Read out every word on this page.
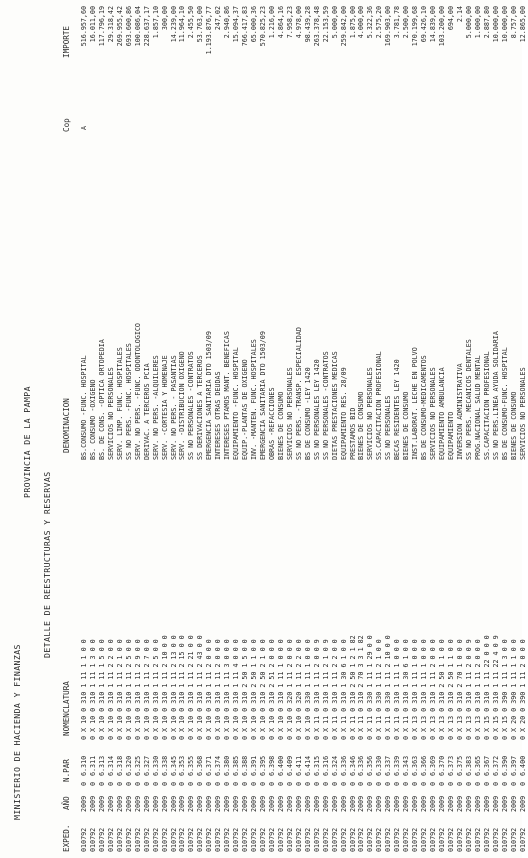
MINISTERIO DE HACIENDA Y FINANZAS
PROVINCIA DE LA PAMPA
DETALLE DE REESTRUCTURAS Y RESERVAS
EXPED.
AÑO
N.PAR
NOMENCLATURA
DENOMINACION
Cop
IMPORTE
010792
2009
0
6.310
0 X 10 0 310 1 11 1 1 0 0
BS.CONSUMO -FUNC. HOSPITAL
A
516.957,60
010792
2009
0
6.311
0 X 10 0 310 1 11 1 3 0 0
BS. CONSUMO -OXIGENO
16.011,00
010792
2009
0
6.313
0 X 10 0 310 1 11 1 5 0 0
BS. DE CONS. -OPTICA ORTOPEDIA
117.796,19
010792
2009
0
6.314
0 X 10 0 310 1 11 2 2 0 0
SERVICIOS NO PERSONALES
29.318,42
010792
2009
0
6.318
0 X 10 0 310 1 11 2 1 0 0
SERV. LIMP. FUNC. HOSPITALES
269.955,42
010792
2009
0
6.320
0 X 10 0 310 1 11 2 5 0 0
SS NO PERS. -FUNC. HOSPITALES
693.600,86
010792
2009
0
6.325
0 X 10 0 310 1 11 2 9 0 0
SERV. NO PERS. -FUNC. ODONTOLOGICO
100.086,04
010792
2009
0
6.327
0 X 10 0 310 1 11 2 7 0 0
DERIVAC. A TERCEROS PCIA
228.637,17
010792
2009
0
6.330
0 X 10 0 310 1 11 2 5 0 0
SERV. NO PERS. -ALQUILERES
1.857,10
010792
2009
0
6.338
0 X 10 0 310 1 11 2 10 0 0
SERV. -CORTESIA Y HOMENAJE
300,00
010792
2009
0
6.345
0 X 10 0 310 1 11 2 13 0 0
SERV. NO PERS. - PASANTIAS
14.239,00
010792
2009
0
6.353
0 X 10 0 310 1 11 2 15 0 0
SERV. -DISTRIBUCION OXIGENO
11.964,10
010792
2009
0
6.355
0 X 10 0 310 1 11 2 21 0 0
SS NO PERSONALES -CONTRATOS
2.455,50
010792
2009
0
6.368
0 X 10 0 310 1 11 2 43 0 0
SS DERIVACIONES A TERCEROS
53.763,00
010792
2009
0
6.371
0 X 10 0 310 1 11 2 0 0 0
EMERGENCIA SANITARIA DTO 1503/09
1.193.876,77
010792
2009
0
6.374
0 X 10 0 310 1 11 2 0 0 0
INTERESES OTRAS DEUDAS
247,02
010792
2009
0
6.380
0 X 10 0 310 1 11 3 0 0 0
INTERESES PTAMOS MANT. BENEFICAS
2.940,86
010792
2009
0
6.385
0 X 10 0 310 1 11 4 0 0 0
EQUIPAMIENTO -FUNC. HOSPITAL
15.094,37
010792
2009
0
6.388
0 X 10 0 310 2 50 1 5 0 0
EQUIP.-PLANTAS DE OXIGENO
766.417,83
010792
2009
0
6.391
0 X 10 0 310 2 50 1 1 0 0
INV. -MANTEN. FUNC. HOSPITALES
65.000,36
010792
2009
0
6.395
0 X 10 0 310 2 50 2 1 0 0
EMERGENCIA SANITARIA DTO 1503/09
570.825,23
010792
2009
0
6.398
0 X 10 0 310 2 51 2 0 0 0
OBRAS -REFACCIONES
1.216,00
010792
2009
0
6.400
0 X 10 0 310 1 11 1 0 0 0
BIENES DE CONSUMO
4.864,16
010792
2009
0
6.409
0 X 10 0 320 1 11 2 0 0 0
SERVICIOS NO PERSONALES
7.958,23
010792
2009
0
6.411
0 X 10 0 320 1 11 2 2 0 0
SS NO PERS. -TRANSP. ESPECIALIDAD
4.978,00
010792
2009
0
6.414
0 X 10 0 330 1 11 1 0 0 0
BS DE CONSUMO -LEY 1420
98.439,28
010792
2009
0
6.315
0 X 11 0 310 1 11 2 0 0 9
SS NO PERSONALES LEY 1420
263.378,48
010792
2009
0
6.316
0 X 11 0 310 1 11 2 1 0 9
SS NO PERSONALES -CONTRATOS
22.153,59
010792
2009
0
6.324
0 X 11 0 310 1 11 2 2 0 0
DIETAS PRESTACIONES MEDICAS
5.000,00
010792
2009
0
6.336
0 X 11 0 310 1 30 6 1 0 0
EQUIPAMIENTO RES. 28/09
259.842,00
010792
2009
0
6.346
0 X 11 0 310 2 50 1 2 1 82
PRESTAMOS BID
1.875,00
010792
2009
0
6.336
0 X 11 0 310 2 70 3 3 1 82
BIENES DE CONSUMO
4.000,00
010792
2009
0
6.356
0 X 11 0 330 1 11 1 29 0 0
SERVICIOS NO PERSONALES
5.322,36
010792
2009
0
6.330
0 X 11 0 330 1 11 2 1 0 0
SS.CAPACITACION PROFESIONAL
2.575,20
010792
2009
0
6.337
0 X 11 0 330 1 11 2 10 0 0
SS NO PERSONALES
169.903,00
010792
2009
0
6.339
0 X 11 0 310 1 11 1 0 0 0
BECAS RESIDENTES LEY 1420
3.781,78
010792
2009
0
6.343
0 X 11 0 310 1 30 6 1 0 0
BIENES DE CONSUMO
2.500,00
010792
2009
0
6.363
0 X 13 0 310 1 11 1 0 0 0
INST.LABORAT. LECHE EN POLVO
170.199,68
010792
2009
0
6.366
0 X 13 0 310 1 11 1 0 0 0
BS DE CONSUMO-MEDICAMENTOS
69.426,10
010792
2009
0
6.369
0 X 13 0 310 1 11 2 0 0 0
SERVICIOS NO PERSONALES
14.839,00
010792
2009
0
6.370
0 X 13 0 310 2 50 1 1 0 0
EQUIPAMIENTO AMBULANCIA
103.200,00
010792
2009
0
6.373
0 X 13 0 310 2 50 1 1 0 0
EQUIPAMIENTO
694,00
010792
2009
0
6.375
0 X 13 0 310 2 70 1 0 0 0
INVERSION ADMINISTRATIVA
2.14
010792
2009
0
6.383
0 X 13 0 310 1 11 2 0 0 9
SS NO PERS. MECANICOS DENTALES
5.000,00
010792
2009
0
6.365
0 X 13 0 310 1 11 2 0 0 0
PROG.NACIONAL SALUD MENTAL
1.000,00
010792
2009
0
6.367
0 X 15 0 310 1 11 22 0 0 0
SS.CAPACITACION PROFESIONAL
2.887,80
010792
2009
0
6.372
0 X 15 0 310 1 11 22 4 0 9
SS NO PERS.LINEA AYUDA SOLIDARIA
10.000,00
010792
2009
0
6.390
0 X 15 0 390 1 11 1 3 0 0
BS DE CONSUMO-FUNC. HOSPITAL
10.000,00
010792
2009
0
6.397
0 X 20 0 390 1 11 1 1 0 0
BIENES DE CONSUMO
8.757,00
010792
2009
0
6.400
0 X 20 0 390 1 11 2 0 0 0
SERVICIOS NO PERSONALES
12.865,00
